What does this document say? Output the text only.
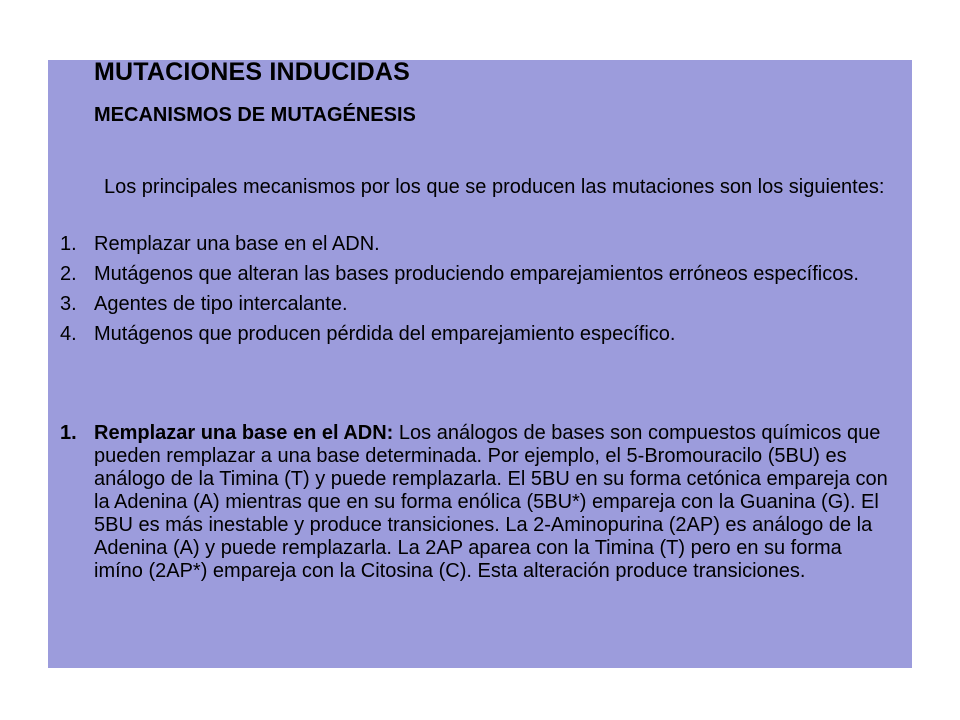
MUTACIONES INDUCIDAS
MECANISMOS DE MUTAGÉNESIS
Los principales mecanismos por los que se producen las mutaciones son los siguientes:
1. Remplazar una base en el ADN.
2. Mutágenos que alteran las bases produciendo emparejamientos erróneos específicos.
3. Agentes de tipo intercalante.
4. Mutágenos que producen pérdida del emparejamiento específico.
1. Remplazar una base en el ADN: Los análogos de bases son compuestos químicos que pueden remplazar a una base determinada. Por ejemplo, el 5-Bromouracilo (5BU) es análogo de la Timina (T) y puede remplazarla. El 5BU en su forma cetónica empareja con la Adenina (A) mientras que en su forma enólica (5BU*) empareja con la Guanina (G). El 5BU es más inestable y produce transiciones. La 2-Aminopurina (2AP) es análogo de la Adenina (A) y puede remplazarla. La 2AP aparea con la Timina (T) pero en su forma imíno (2AP*) empareja con la Citosina (C). Esta alteración produce transiciones.
